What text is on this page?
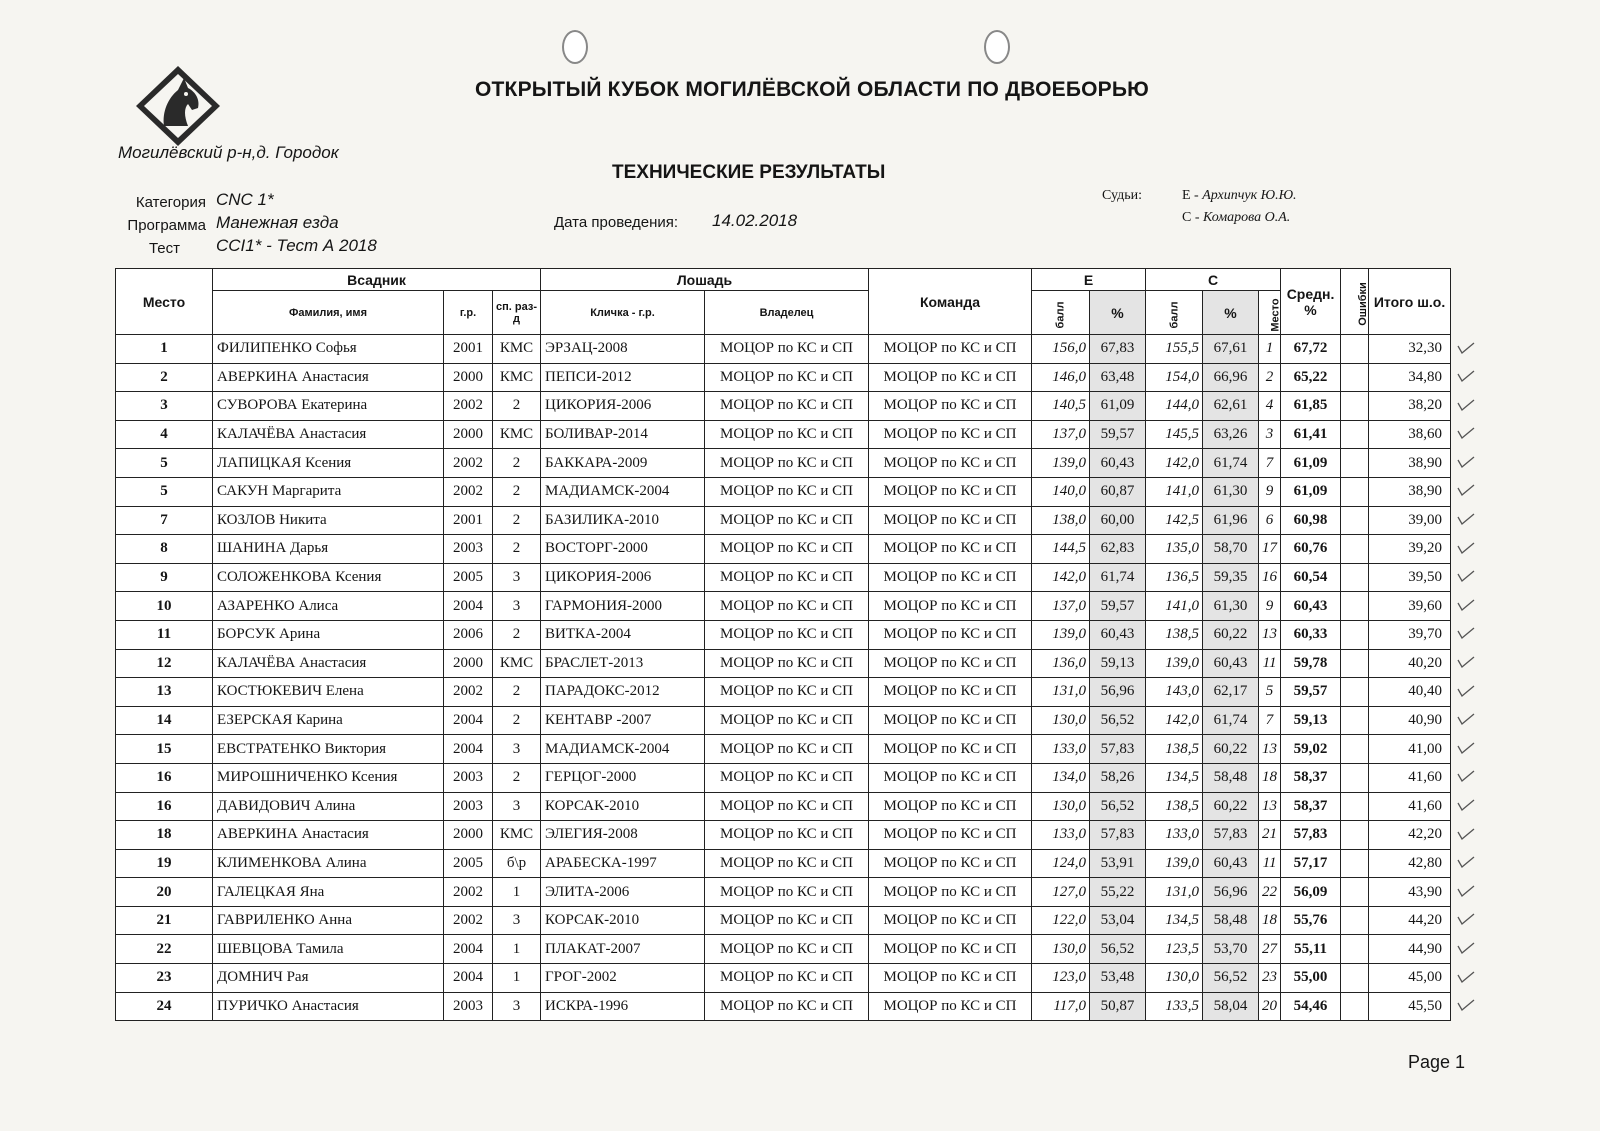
Могилёвский р-н,д. Городок
ОТКРЫТЫЙ КУБОК МОГИЛЁВСКОЙ ОБЛАСТИ ПО ДВОЕБОРЬЮ
ТЕХНИЧЕСКИЕ РЕЗУЛЬТАТЫ
Категория CNC 1*
Программа Манежная езда
Тест CCI1* - Тест А 2018
Дата проведения: 14.02.2018
Судьи:	E - Архипчук Ю.Ю.
C - Комарова О.А.
Место	Всадник			Лошадь		Команда	E		C			Средн. %	Ошибки	Итого ш.о.
	Фамилия, имя	г.р.	сп. раз-д	Кличка - г.р.	Владелец		балл	%	балл	%	Место			
1	ФИЛИПЕНКО Софья	2001	КМС	ЭРЗАЦ-2008	МОЦОР по КС и СП	МОЦОР по КС и СП	156,0	67,83	155,5	67,61	1	67,72		32,30
2	АВЕРКИНА Анастасия	2000	КМС	ПЕПСИ-2012	МОЦОР по КС и СП	МОЦОР по КС и СП	146,0	63,48	154,0	66,96	2	65,22		34,80
3	СУВОРОВА Екатерина	2002	2	ЦИКОРИЯ-2006	МОЦОР по КС и СП	МОЦОР по КС и СП	140,5	61,09	144,0	62,61	4	61,85		38,20
4	КАЛАЧЁВА Анастасия	2000	КМС	БОЛИВАР-2014	МОЦОР по КС и СП	МОЦОР по КС и СП	137,0	59,57	145,5	63,26	3	61,41		38,60
5	ЛАПИЦКАЯ Ксения	2002	2	БАККАРА-2009	МОЦОР по КС и СП	МОЦОР по КС и СП	139,0	60,43	142,0	61,74	7	61,09		38,90
5	САКУН Маргарита	2002	2	МАДИАМСК-2004	МОЦОР по КС и СП	МОЦОР по КС и СП	140,0	60,87	141,0	61,30	9	61,09		38,90
7	КОЗЛОВ Никита	2001	2	БАЗИЛИКА-2010	МОЦОР по КС и СП	МОЦОР по КС и СП	138,0	60,00	142,5	61,96	6	60,98		39,00
8	ШАНИНА Дарья	2003	2	ВОСТОРГ-2000	МОЦОР по КС и СП	МОЦОР по КС и СП	144,5	62,83	135,0	58,70	17	60,76		39,20
9	СОЛОЖЕНКОВА Ксения	2005	3	ЦИКОРИЯ-2006	МОЦОР по КС и СП	МОЦОР по КС и СП	142,0	61,74	136,5	59,35	16	60,54		39,50
10	АЗАРЕНКО Алиса	2004	3	ГАРМОНИЯ-2000	МОЦОР по КС и СП	МОЦОР по КС и СП	137,0	59,57	141,0	61,30	9	60,43		39,60
11	БОРСУК Арина	2006	2	ВИТКА-2004	МОЦОР по КС и СП	МОЦОР по КС и СП	139,0	60,43	138,5	60,22	13	60,33		39,70
12	КАЛАЧЁВА Анастасия	2000	КМС	БРАСЛЕТ-2013	МОЦОР по КС и СП	МОЦОР по КС и СП	136,0	59,13	139,0	60,43	11	59,78		40,20
13	КОСТЮКЕВИЧ Елена	2002	2	ПАРАДОКС-2012	МОЦОР по КС и СП	МОЦОР по КС и СП	131,0	56,96	143,0	62,17	5	59,57		40,40
14	ЕЗЕРСКАЯ Карина	2004	2	КЕНТАВР -2007	МОЦОР по КС и СП	МОЦОР по КС и СП	130,0	56,52	142,0	61,74	7	59,13		40,90
15	ЕВСТРАТЕНКО Виктория	2004	3	МАДИАМСК-2004	МОЦОР по КС и СП	МОЦОР по КС и СП	133,0	57,83	138,5	60,22	13	59,02		41,00
16	МИРОШНИЧЕНКО Ксения	2003	2	ГЕРЦОГ-2000	МОЦОР по КС и СП	МОЦОР по КС и СП	134,0	58,26	134,5	58,48	18	58,37		41,60
16	ДАВИДОВИЧ Алина	2003	3	КОРСАК-2010	МОЦОР по КС и СП	МОЦОР по КС и СП	130,0	56,52	138,5	60,22	13	58,37		41,60
18	АВЕРКИНА Анастасия	2000	КМС	ЭЛЕГИЯ-2008	МОЦОР по КС и СП	МОЦОР по КС и СП	133,0	57,83	133,0	57,83	21	57,83		42,20
19	КЛИМЕНКОВА Алина	2005	б\р	АРАБЕСКА-1997	МОЦОР по КС и СП	МОЦОР по КС и СП	124,0	53,91	139,0	60,43	11	57,17		42,80
20	ГАЛЕЦКАЯ Яна	2002	1	ЭЛИТА-2006	МОЦОР по КС и СП	МОЦОР по КС и СП	127,0	55,22	131,0	56,96	22	56,09		43,90
21	ГАВРИЛЕНКО Анна	2002	3	КОРСАК-2010	МОЦОР по КС и СП	МОЦОР по КС и СП	122,0	53,04	134,5	58,48	18	55,76		44,20
22	ШЕВЦОВА Тамила	2004	1	ПЛАКАТ-2007	МОЦОР по КС и СП	МОЦОР по КС и СП	130,0	56,52	123,5	53,70	27	55,11		44,90
23	ДОМНИЧ Рая	2004	1	ГРОГ-2002	МОЦОР по КС и СП	МОЦОР по КС и СП	123,0	53,48	130,0	56,52	23	55,00		45,00
24	ПУРИЧКО Анастасия	2003	3	ИСКРА-1996	МОЦОР по КС и СП	МОЦОР по КС и СП	117,0	50,87	133,5	58,04	20	54,46		45,50
Page 1
